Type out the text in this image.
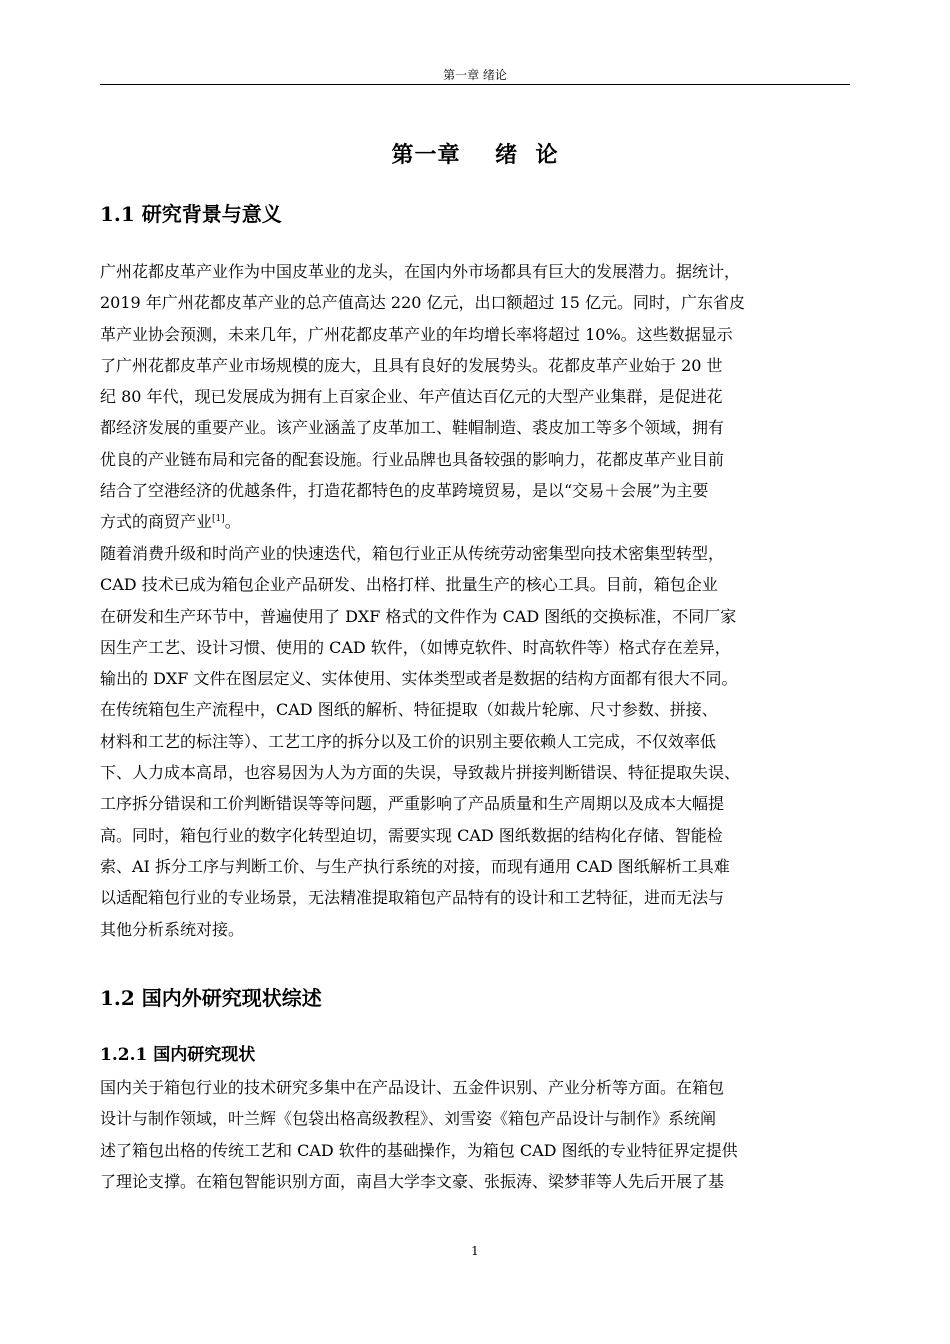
第一章 绪论
第一章    绪  论
1.1 研究背景与意义
广州花都皮革产业作为中国皮革业的龙头，在国内外市场都具有巨大的发展潜力。据统计，
2019 年广州花都皮革产业的总产值高达 220 亿元，出口额超过 15 亿元。同时，广东省皮
革产业协会预测，未来几年，广州花都皮革产业的年均增长率将超过 10%。这些数据显示
了广州花都皮革产业市场规模的庞大，且具有良好的发展势头。花都皮革产业始于 20 世
纪 80 年代，现已发展成为拥有上百家企业、年产值达百亿元的大型产业集群，是促进花
都经济发展的重要产业。该产业涵盖了皮革加工、鞋帽制造、裘皮加工等多个领域，拥有
优良的产业链布局和完备的配套设施。行业品牌也具备较强的影响力，花都皮革产业目前
结合了空港经济的优越条件，打造花都特色的皮革跨境贸易，是以“交易＋会展”为主要
方式的商贸产业[1]。
随着消费升级和时尚产业的快速迭代，箱包行业正从传统劳动密集型向技术密集型转型，
CAD 技术已成为箱包企业产品研发、出格打样、批量生产的核心工具。目前，箱包企业
在研发和生产环节中，普遍使用了 DXF 格式的文件作为 CAD 图纸的交换标准，不同厂家
因生产工艺、设计习惯、使用的 CAD 软件，（如博克软件、时高软件等）格式存在差异，
输出的 DXF 文件在图层定义、实体使用、实体类型或者是数据的结构方面都有很大不同。
在传统箱包生产流程中，CAD 图纸的解析、特征提取（如裁片轮廓、尺寸参数、拼接、
材料和工艺的标注等）、工艺工序的拆分以及工价的识别主要依赖人工完成，不仅效率低
下、人力成本高昂，也容易因为人为方面的失误，导致裁片拼接判断错误、特征提取失误、
工序拆分错误和工价判断错误等等问题，严重影响了产品质量和生产周期以及成本大幅提
高。同时，箱包行业的数字化转型迫切，需要实现 CAD 图纸数据的结构化存储、智能检
索、AI 拆分工序与判断工价、与生产执行系统的对接，而现有通用 CAD 图纸解析工具难
以适配箱包行业的专业场景，无法精准提取箱包产品特有的设计和工艺特征，进而无法与
其他分析系统对接。
1.2 国内外研究现状综述
1.2.1 国内研究现状
国内关于箱包行业的技术研究多集中在产品设计、五金件识别、产业分析等方面。在箱包
设计与制作领域，叶兰辉《包袋出格高级教程》、刘雪姿《箱包产品设计与制作》系统阐
述了箱包出格的传统工艺和 CAD 软件的基础操作，为箱包 CAD 图纸的专业特征界定提供
了理论支撑。在箱包智能识别方面，南昌大学李文豪、张振涛、梁梦菲等人先后开展了基
1
